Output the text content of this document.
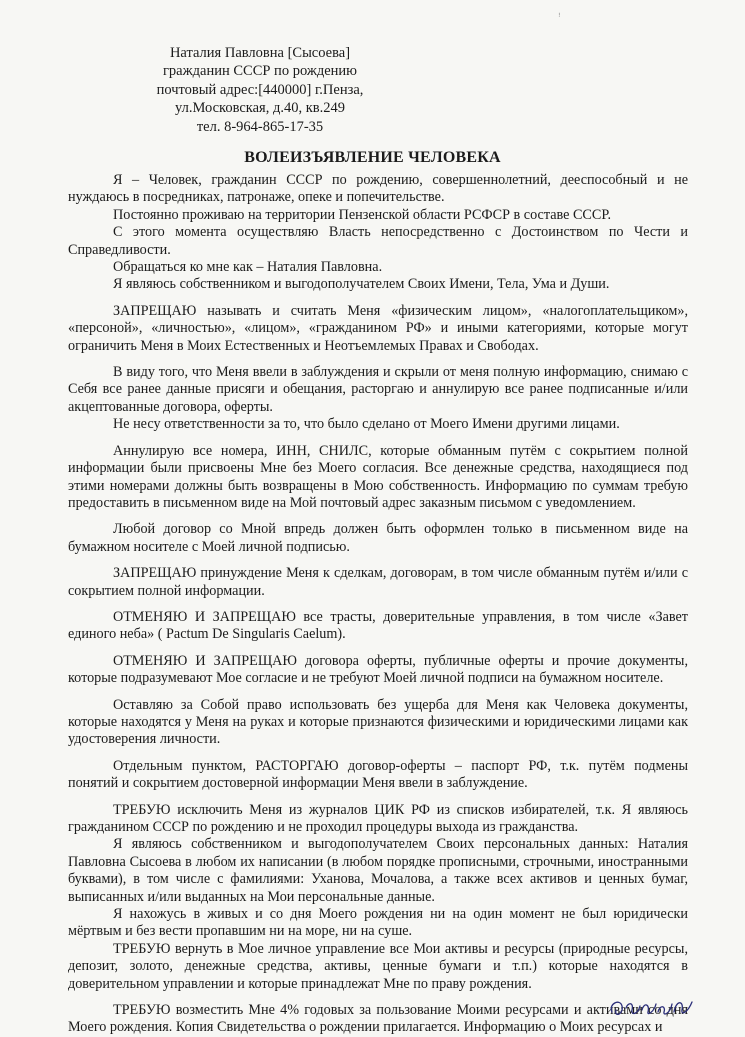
ꜝ
Наталия Павловна [Сысоева]
гражданин СССР по рождению
почтовый адрес:[440000] г.Пенза,
ул.Московская, д.40, кв.249
тел. 8-964-865-17-35
ВОЛЕИЗЪЯВЛЕНИЕ ЧЕЛОВЕКА

Я – Человек, гражданин СССР по рождению, совершеннолетний, дееспособный и не нуждаюсь в посредниках, патронаже, опеке и попечительстве.

Постоянно проживаю на территории Пензенской области РСФСР в составе СССР.

С этого момента осуществляю Власть непосредственно с Достоинством по Чести и Справедливости.

Обращаться ко мне как – Наталия Павловна.

Я являюсь собственником и выгодополучателем Своих Имени, Тела, Ума и Души.

ЗАПРЕЩАЮ называть и считать Меня «физическим лицом», «налогоплательщиком», «персоной», «личностью», «лицом», «гражданином РФ» и иными категориями, которые могут ограничить Меня в Моих Естественных и Неотъемлемых Правах и Свободах.

В виду того, что Меня ввели в заблуждения и скрыли от меня полную информацию, снимаю с Себя все ранее данные присяги и обещания, расторгаю и аннулирую все ранее подписанные и/или акцептованные договора, оферты.

Не несу ответственности за то, что было сделано от Моего Имени другими лицами.

Аннулирую все номера, ИНН, СНИЛС, которые обманным путём с сокрытием полной информации были присвоены Мне без Моего согласия. Все денежные средства, находящиеся под этими номерами должны быть возвращены в Мою собственность. Информацию по суммам требую предоставить в письменном виде на Мой почтовый адрес заказным письмом с уведомлением.

Любой договор со Мной впредь должен быть оформлен только в письменном виде на бумажном носителе с Моей личной подписью.

ЗАПРЕЩАЮ принуждение Меня к сделкам, договорам, в том числе обманным путём и/или с сокрытием полной информации.

ОТМЕНЯЮ И ЗАПРЕЩАЮ все трасты, доверительные управления, в том числе «Завет единого неба» ( Pactum De Singularis Caelum).

ОТМЕНЯЮ И ЗАПРЕЩАЮ договора оферты, публичные оферты и прочие документы, которые подразумевают Мое согласие и не требуют Моей личной подписи на бумажном носителе.

Оставляю за Собой право использовать без ущерба для Меня как Человека документы, которые находятся у Меня на руках и которые признаются физическими и юридическими лицами как удостоверения личности.

Отдельным пунктом, РАСТОРГАЮ договор-оферты – паспорт РФ, т.к. путём подмены понятий и сокрытием достоверной информации Меня ввели в заблуждение.

ТРЕБУЮ исключить Меня из журналов ЦИК РФ из списков избирателей, т.к. Я являюсь гражданином СССР по рождению и не проходил процедуры выхода из гражданства.

Я являюсь собственником и выгодополучателем Своих персональных данных: Наталия Павловна Сысоева в любом их написании (в любом порядке прописными, строчными, иностранными буквами), в том числе с фамилиями: Уханова, Мочалова, а также всех активов и ценных бумаг, выписанных и/или выданных на Мои персональные данные.

Я нахожусь в живых и со дня Моего рождения ни на один момент не был юридически мёртвым и без вести пропавшим ни на море, ни на суше.

ТРЕБУЮ вернуть в Мое личное управление все Мои активы и ресурсы (природные ресурсы, депозит, золото, денежные средства, активы, ценные бумаги и т.п.) которые находятся в доверительном управлении и которые принадлежат Мне по праву рождения.

ТРЕБУЮ возместить Мне 4% годовых за пользование Моими ресурсами и активами со дня Моего рождения. Копия Свидетельства о рождении прилагается. Информацию о Моих ресурсах и
